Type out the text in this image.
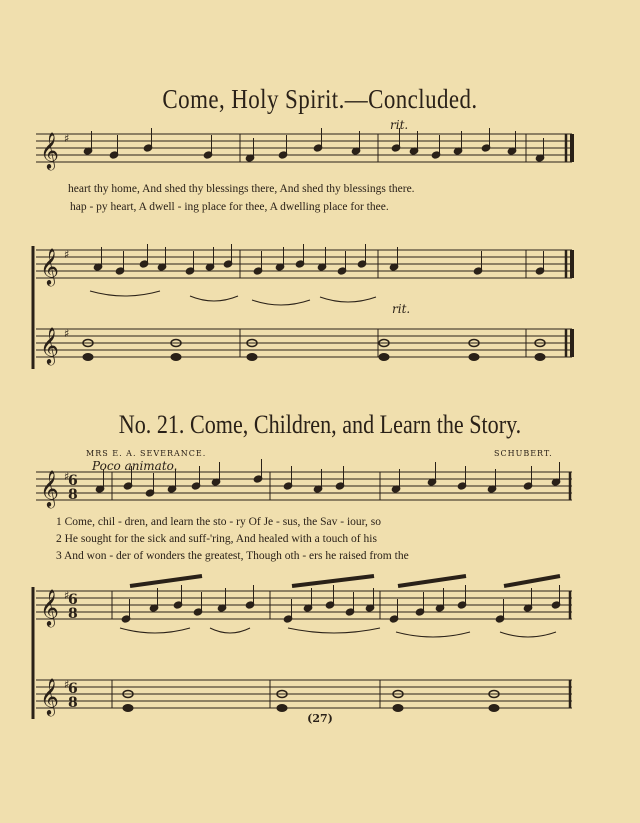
Come, Holy Spirit.—Concluded.
rit.
heart thy home, And shed thy blessings there, And shed thy blessings there.
hap - py heart, A dwell - ing place for thee, A dwelling place for thee.
rit.
No. 21. Come, Children, and Learn the Story.
MRS E. A. SEVERANCE.	SCHUBERT.
Poco animato.
1 Come, chil - dren, and learn the sto - ry Of Je - sus, the Sav - iour, so
2 He sought for the sick and suff-'ring, And healed with a touch of his
3 And won - der of wonders the greatest, Though oth - ers he raised from the
(27)
𝄞 ♯
𝄞 ♯
𝄞 ♯
𝄞 ♯
𝄞 ♯
𝄞 ♯
6
8
6
8
6
8
